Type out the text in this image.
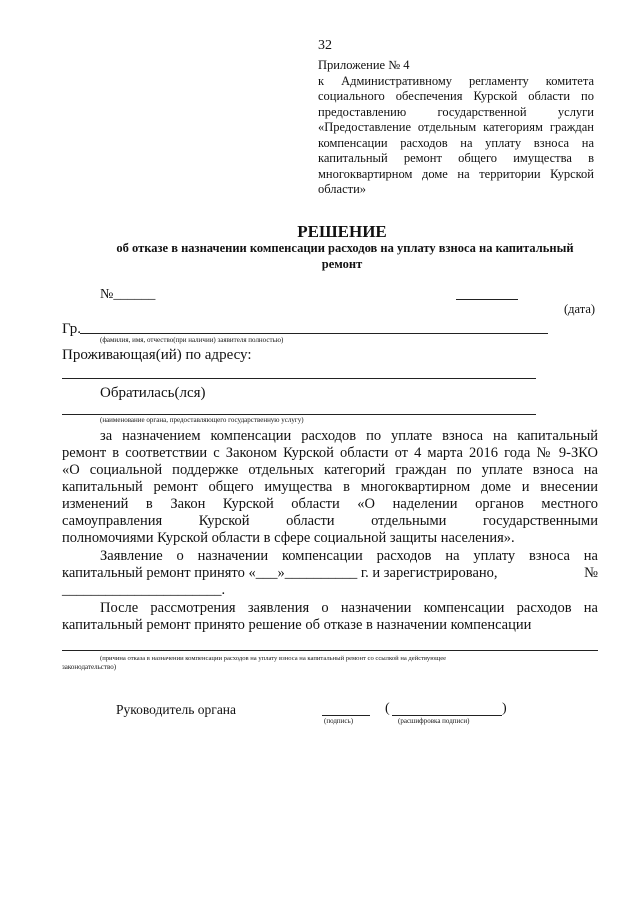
32
Приложение № 4
к Административному регламенту комитета
социального обеспечения Курской области по
предоставлению государственной услуги
«Предоставление отдельным категориям граждан
компенсации расходов на уплату взноса на
капитальный ремонт общего имущества в
многоквартирном доме на территории Курской
области»
РЕШЕНИЕ
об отказе в назначении компенсации расходов на уплату взноса на капитальный
ремонт
№______
(дата)
Гр.
(фамилия, имя, отчество(при наличии) заявителя полностью)
Проживающая(ий) по адресу:
Обратилась(лся)
(наименование органа, предоставляющего государственную услугу)
за назначением компенсации расходов по уплате взноса на капитальный
ремонт в соответствии с Законом Курской области от 4 марта 2016 года № 9-ЗКО
«О социальной поддержке отдельных категорий граждан по уплате взноса на
капитальный ремонт общего имущества в многоквартирном доме и внесении
изменений в Закон Курской области «О наделении органов местного
самоуправления Курской области отдельными государственными
полномочиями Курской области в сфере социальной защиты населения».
Заявление о назначении компенсации расходов на уплату взноса на
капитальный ремонт принято «___»__________ г. и зарегистрировано,	№
______________________.
После рассмотрения заявления о назначении компенсации расходов на
капитальный ремонт принято решение об отказе в назначении компенсации
(причина отказа в назначении компенсации расходов на уплату взноса на капитальный ремонт со ссылкой на действующее
законодательство)
Руководитель органа
(подпись)
(	)
(расшифровка подписи)
